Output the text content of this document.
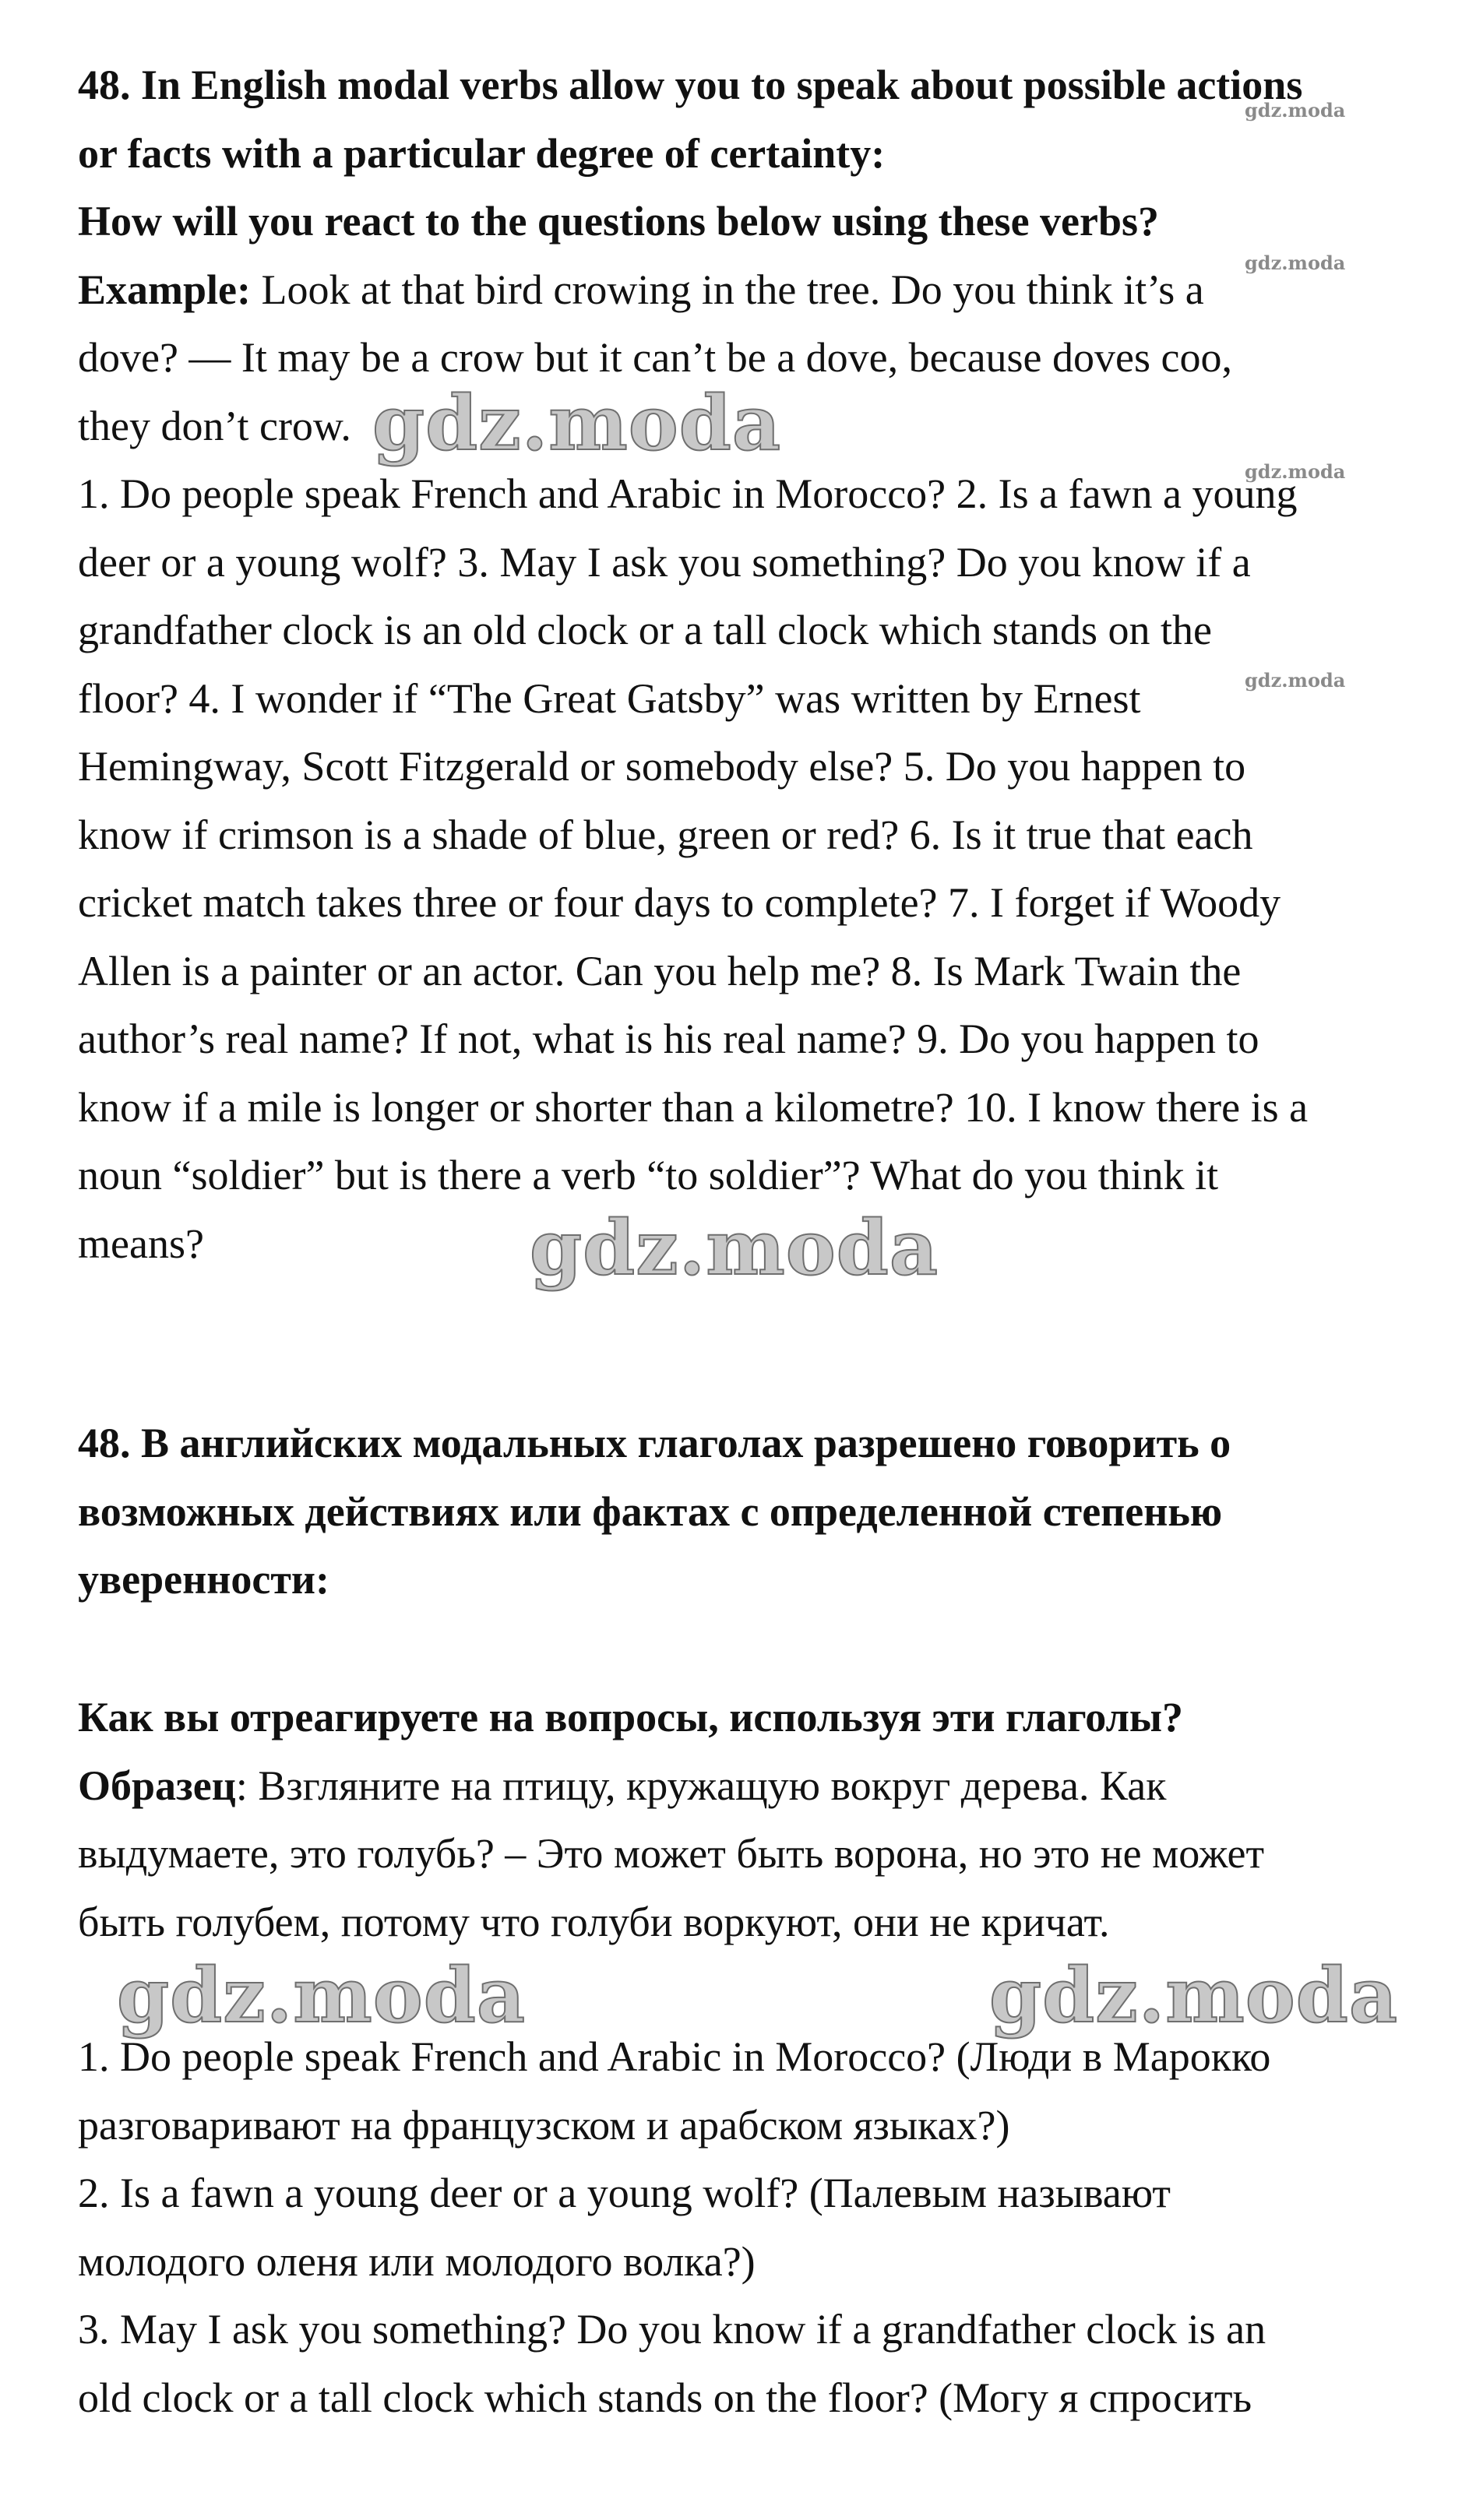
48. In English modal verbs allow you to speak about possible actions
or facts with a particular degree of certainty:
How will you react to the questions below using these verbs?

Example: Look at that bird crowing in the tree. Do you think it’s a
dove? — It may be a crow but it can’t be a dove, because doves coo,
they don’t crow.

1. Do people speak French and Arabic in Morocco? 2. Is a fawn a young
deer or a young wolf? 3. May I ask you something? Do you know if a
grandfather clock is an old clock or a tall clock which stands on the
floor? 4. I wonder if “The Great Gatsby” was written by Ernest
Hemingway, Scott Fitzgerald or somebody else? 5. Do you happen to
know if crimson is a shade of blue, green or red? 6. Is it true that each
cricket match takes three or four days to complete? 7. I forget if Woody
Allen is a painter or an actor. Can you help me? 8. Is Mark Twain the
author’s real name? If not, what is his real name? 9. Do you happen to
know if a mile is longer or shorter than a kilometre? 10. I know there is a
noun “soldier” but is there a verb “to soldier”? What do you think it
means?

48. В английских модальных глаголах разрешено говорить о
возможных действиях или фактах с определенной степенью
уверенности:

Как вы отреагируете на вопросы, используя эти глаголы?

Образец: Взгляните на птицу, кружащую вокруг дерева. Как
выдумаете, это голубь? – Это может быть ворона, но это не может
быть голубем, потому что голуби воркуют, они не кричат.

1. Do people speak French and Arabic in Morocco? (Люди в Марокко
разговаривают на французском и арабском языках?)
2. Is a fawn a young deer or a young wolf? (Палевым называют
молодого оленя или молодого волка?)
3. May I ask you something? Do you know if a grandfather clock is an
old clock or a tall clock which stands on the floor? (Могу я спросить

gdz.moda
gdz.moda
gdz.moda	gdz.moda
gdz.moda
gdz.moda
gdz.moda
gdz.moda
